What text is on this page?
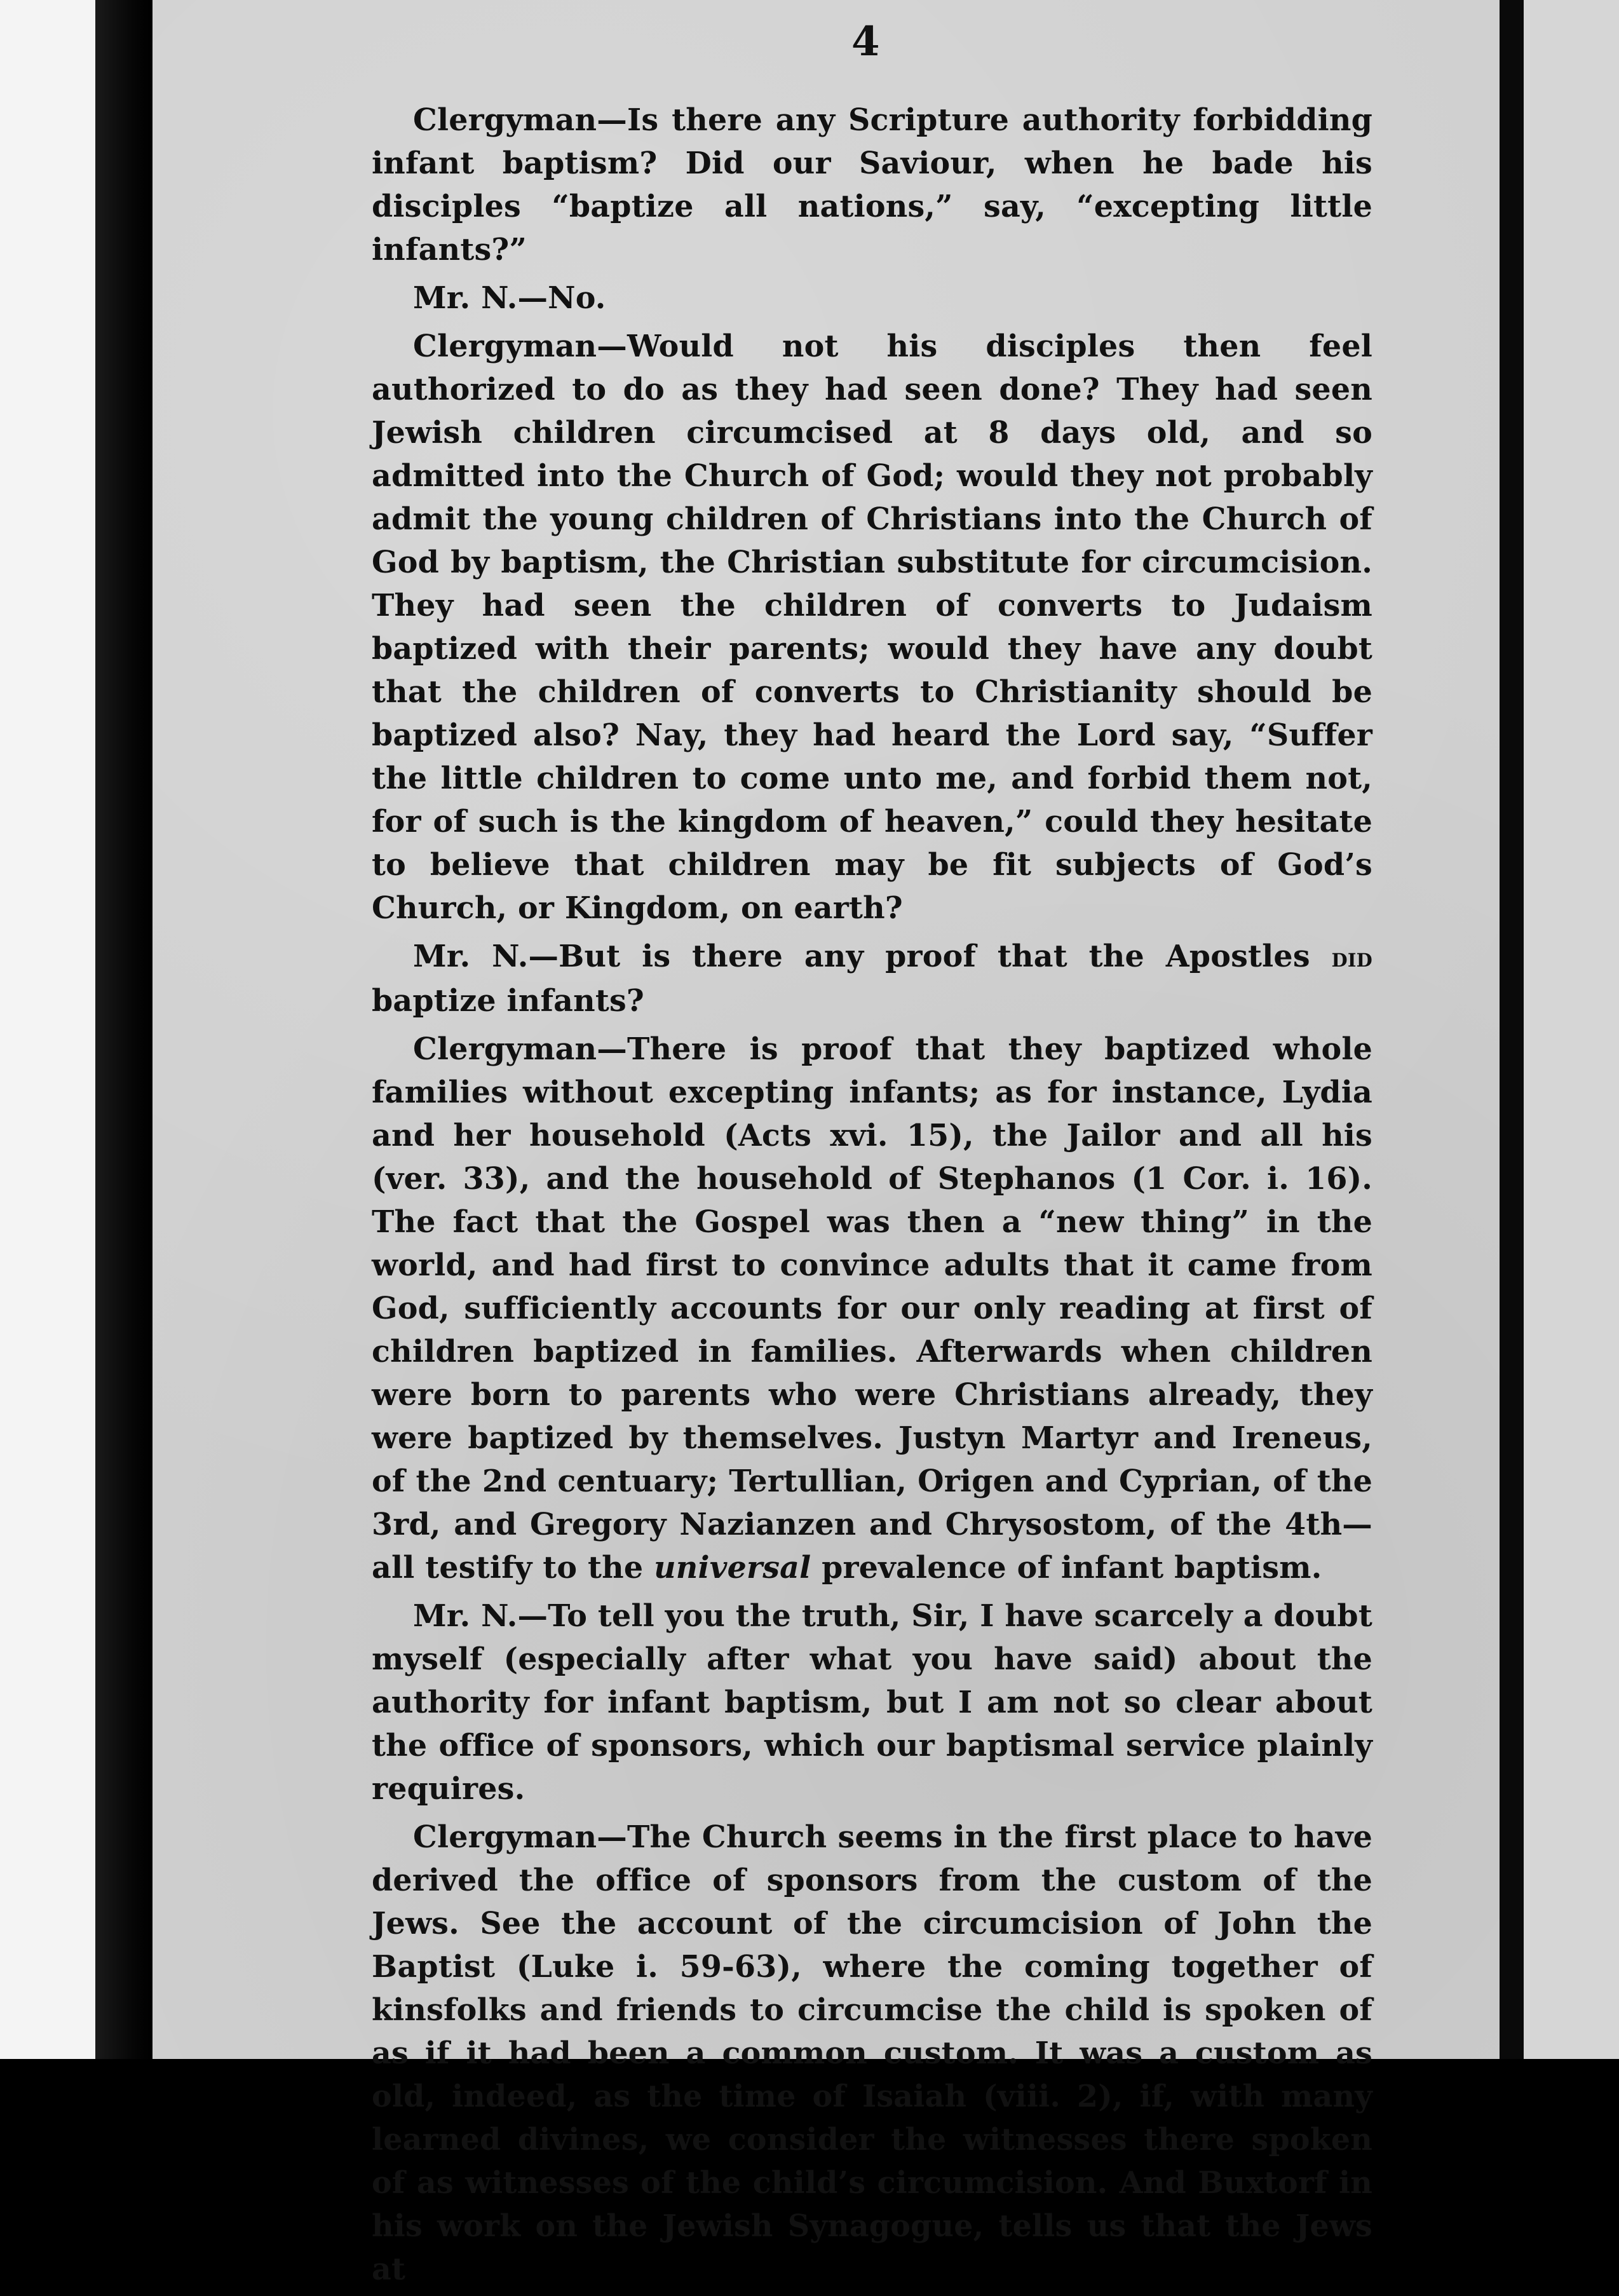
4

Clergyman—Is there any Scripture authority forbidding infant baptism? Did our Saviour, when he bade his disciples “baptize all nations,” say, “excepting little infants?”

Mr. N.—No.

Clergyman—Would not his disciples then feel authorized to do as they had seen done? They had seen Jewish children circumcised at 8 days old, and so admitted into the Church of God; would they not probably admit the young children of Christians into the Church of God by baptism, the Christian substitute for circumcision. They had seen the children of converts to Judaism baptized with their parents; would they have any doubt that the children of converts to Christianity should be baptized also? Nay, they had heard the Lord say, “Suffer the little children to come unto me, and forbid them not, for of such is the kingdom of heaven,” could they hesitate to believe that children may be fit subjects of God’s Church, or Kingdom, on earth?

Mr. N.—But is there any proof that the Apostles did baptize infants?

Clergyman—There is proof that they baptized whole families without excepting infants; as for instance, Lydia and her household (Acts xvi. 15), the Jailor and all his (ver. 33), and the household of Stephanos (1 Cor. i. 16). The fact that the Gospel was then a “new thing” in the world, and had first to convince adults that it came from God, sufficiently accounts for our only reading at first of children baptized in families. Afterwards when children were born to parents who were Christians already, they were baptized by themselves. Justyn Martyr and Ireneus, of the 2nd centuary; Tertullian, Origen and Cyprian, of the 3rd, and Gregory Nazianzen and Chrysostom, of the 4th—all testify to the universal prevalence of infant baptism.

Mr. N.—To tell you the truth, Sir, I have scarcely a doubt myself (especially after what you have said) about the authority for infant baptism, but I am not so clear about the office of sponsors, which our baptismal service plainly requires.

Clergyman—The Church seems in the first place to have derived the office of sponsors from the custom of the Jews. See the account of the circumcision of John the Baptist (Luke i. 59-63), where the coming together of kinsfolks and friends to circumcise the child is spoken of as if it had been a common custom. It was a custom as old, indeed, as the time of Isaiah (viii. 2), if, with many learned divines, we consider the witnesses there spoken of as witnesses of the child’s circumcision. And Buxtorf in his work on the Jewish Synagogue, tells us that the Jews at
